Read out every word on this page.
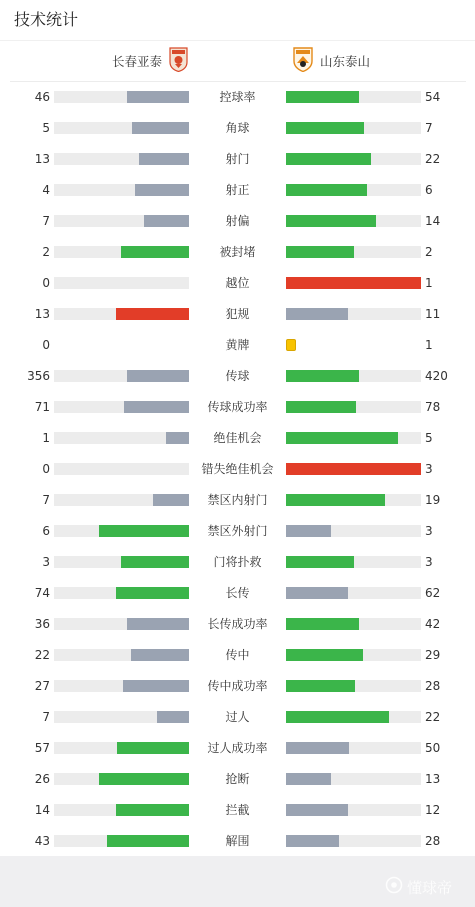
技术统计
长春亚泰	山东泰山
46	控球率	54
5	角球	7
13	射门	22
4	射正	6
7	射偏	14
2	被封堵	2
0	越位	1
13	犯规	11
0	黄牌	1
356	传球	420
71	传球成功率	78
1	绝佳机会	5
0	错失绝佳机会	3
7	禁区内射门	19
6	禁区外射门	3
3	门将扑救	3
74	长传	62
36	长传成功率	42
22	传中	29
27	传中成功率	28
7	过人	22
57	过人成功率	50
26	抢断	13
14	拦截	12
43	解围	28
懂球帝
